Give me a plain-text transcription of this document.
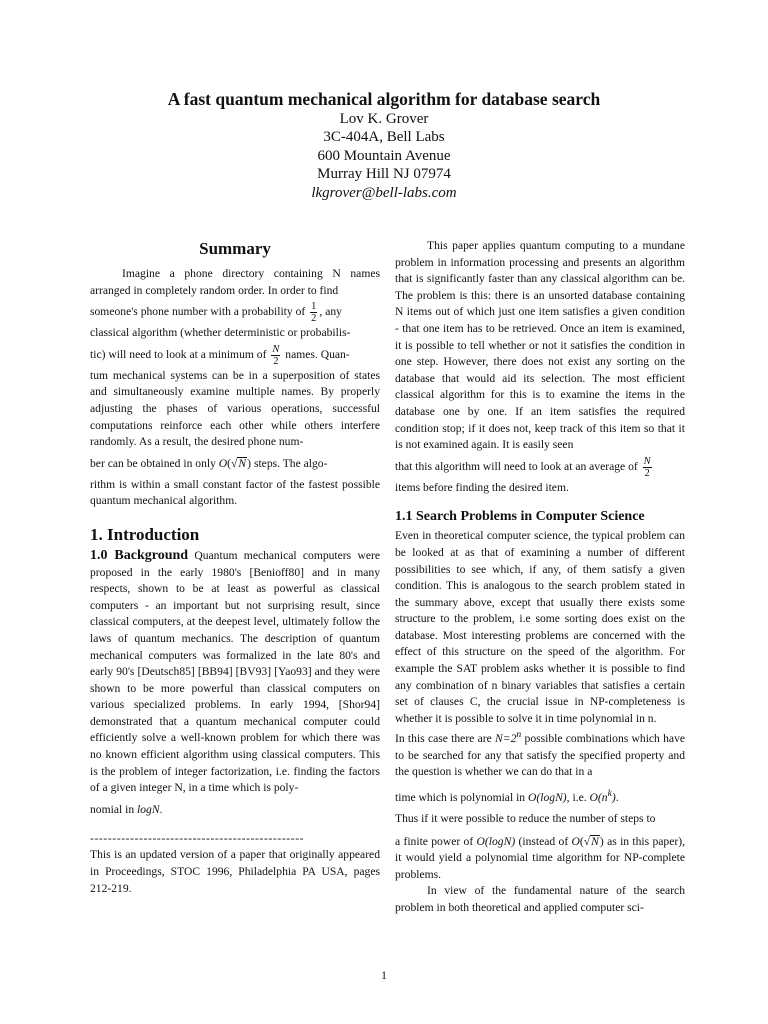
A fast quantum mechanical algorithm for database search
Lov K. Grover
3C-404A, Bell Labs
600 Mountain Avenue
Murray Hill NJ 07974
lkgrover@bell-labs.com
Summary

Imagine a phone directory containing N names arranged in completely random order. In order to find

someone's phone number with a probability of $\frac{1}{2}$ , any

classical algorithm (whether deterministic or probabilis-

tic) will need to look at a minimum of $\frac{N}{2}$ names. Quan-

tum mechanical systems can be in a superposition of states and simultaneously examine multiple names. By properly adjusting the phases of various operations, successful computations reinforce each other while others interfere randomly. As a result, the desired phone num-

ber can be obtained in only O(√N) steps. The algo-

rithm is within a small constant factor of the fastest possible quantum mechanical algorithm.

1. Introduction

1.0 Background Quantum mechanical computers were proposed in the early 1980's [Benioff80] and in many respects, shown to be at least as powerful as classical computers - an important but not surprising result, since classical computers, at the deepest level, ultimately follow the laws of quantum mechanics. The description of quantum mechanical computers was formalized in the late 80's and early 90's [Deutsch85] [BB94] [BV93] [Yao93] and they were shown to be more powerful than classical computers on various specialized problems. In early 1994, [Shor94] demonstrated that a quantum mechanical computer could efficiently solve a well-known problem for which there was no known efficient algorithm using classical computers. This is the problem of integer factorization, i.e. finding the factors of a given integer N, in a time which is poly-

nomial in logN.

------------------------------------------------

This is an updated version of a paper that originally appeared in Proceedings, STOC 1996, Philadelphia PA USA, pages 212-219.

This paper applies quantum computing to a mundane problem in information processing and presents an algorithm that is significantly faster than any classical algorithm can be. The problem is this: there is an unsorted database containing N items out of which just one item satisfies a given condition - that one item has to be retrieved. Once an item is examined, it is possible to tell whether or not it satisfies the condition in one step. However, there does not exist any sorting on the database that would aid its selection. The most efficient classical algorithm for this is to examine the items in the database one by one. If an item satisfies the required condition stop; if it does not, keep track of this item so that it is not examined again. It is easily seen

that this algorithm will need to look at an average of $\frac{N}{2}$

items before finding the desired item.

1.1 Search Problems in Computer Science

Even in theoretical computer science, the typical problem can be looked at as that of examining a number of different possibilities to see which, if any, of them satisfy a given condition. This is analogous to the search problem stated in the summary above, except that usually there exists some structure to the problem, i.e some sorting does exist on the database. Most interesting problems are concerned with the effect of this structure on the speed of the algorithm. For example the SAT problem asks whether it is possible to find any combination of n binary variables that satisfies a certain set of clauses C, the crucial issue in NP-completeness is whether it is possible to solve it in time polynomial in n.

In this case there are $N=2^n$ possible combinations which have to be searched for any that satisfy the specified property and the question is whether we can do that in a

time which is polynomial in O(logN), i.e. $O(n^k)$.

Thus if it were possible to reduce the number of steps to

a finite power of O(logN) (instead of O(√N) as in this paper), it would yield a polynomial time algorithm for NP-complete problems.

In view of the fundamental nature of the search problem in both theoretical and applied computer sci-

1
